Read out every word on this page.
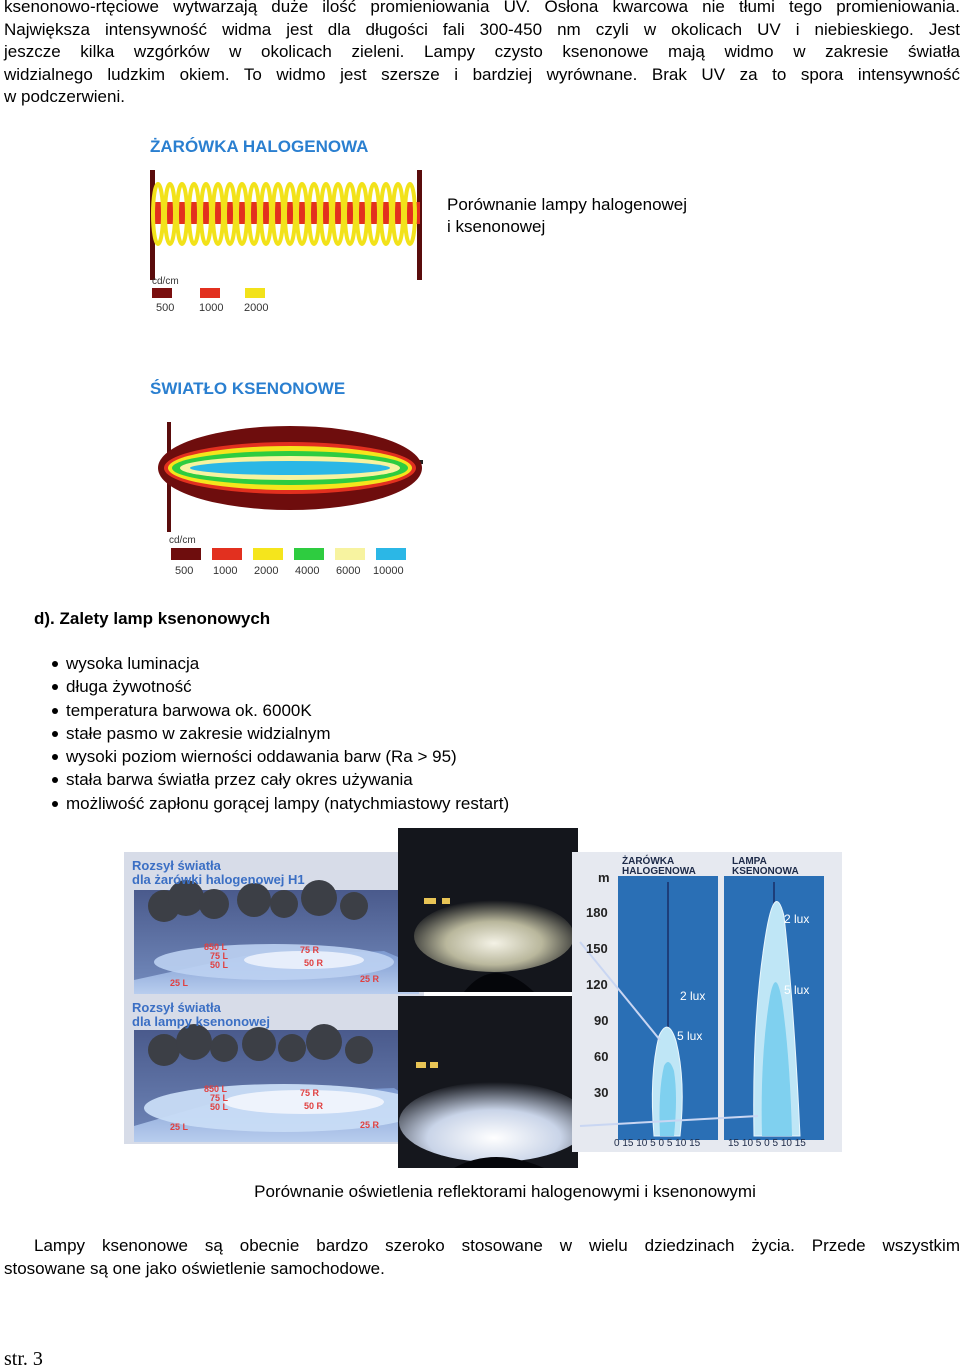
ksenonowo-rtęciowe wytwarzają duże ilość promieniowania UV. Osłona kwarcowa nie tłumi tego promieniowania.
Największa intensywność widma jest dla długości fali 300-450 nm czyli w okolicach UV i niebieskiego. Jest
jeszcze kilka wzgórków w okolicach zieleni. Lampy czysto ksenonowe mają widmo w zakresie światła
widzialnego ludzkim okiem. To widmo jest szersze i bardziej wyrównane. Brak UV za to spora intensywność
w podczerwieni.
ŻARÓWKA HALOGENOWA
cd/cm
500 1000 2000
Porównanie lampy halogenowej
i ksenonowej
ŚWIATŁO KSENONOWE
cd/cm
500 1000 2000 4000 6000 10000
d). Zalety lamp ksenonowych
wysoka luminacja
długa żywotność
temperatura barwowa ok. 6000K
stałe pasmo w zakresie widzialnym
wysoki poziom wierności oddawania barw (Ra > 95)
stała barwa światła przez cały okres używania
możliwość zapłonu gorącej lampy (natychmiastowy restart)
Rozsył światła
dla żarówki halogenowej H1
850 L
75 L
50 L
25 L
75 R
50 R
25 R
Rozsył światła
dla lampy ksenonowej
850 L
75 L
50 L
25 L
75 R
50 R
25 R
ŻARÓWKA
HALOGENOWA
LAMPA
KSENONOWA
m
180
150
120
90
60
30
2 lux
5 lux
2 lux
5 lux
0 15 10 5 0 5 10 15	15 10 5 0 5 10 15
Porównanie oświetlenia reflektorami halogenowymi i ksenonowymi
Lampy ksenonowe są obecnie bardzo szeroko stosowane w wielu dziedzinach życia. Przede wszystkim
stosowane są one jako oświetlenie samochodowe.
str. 3
